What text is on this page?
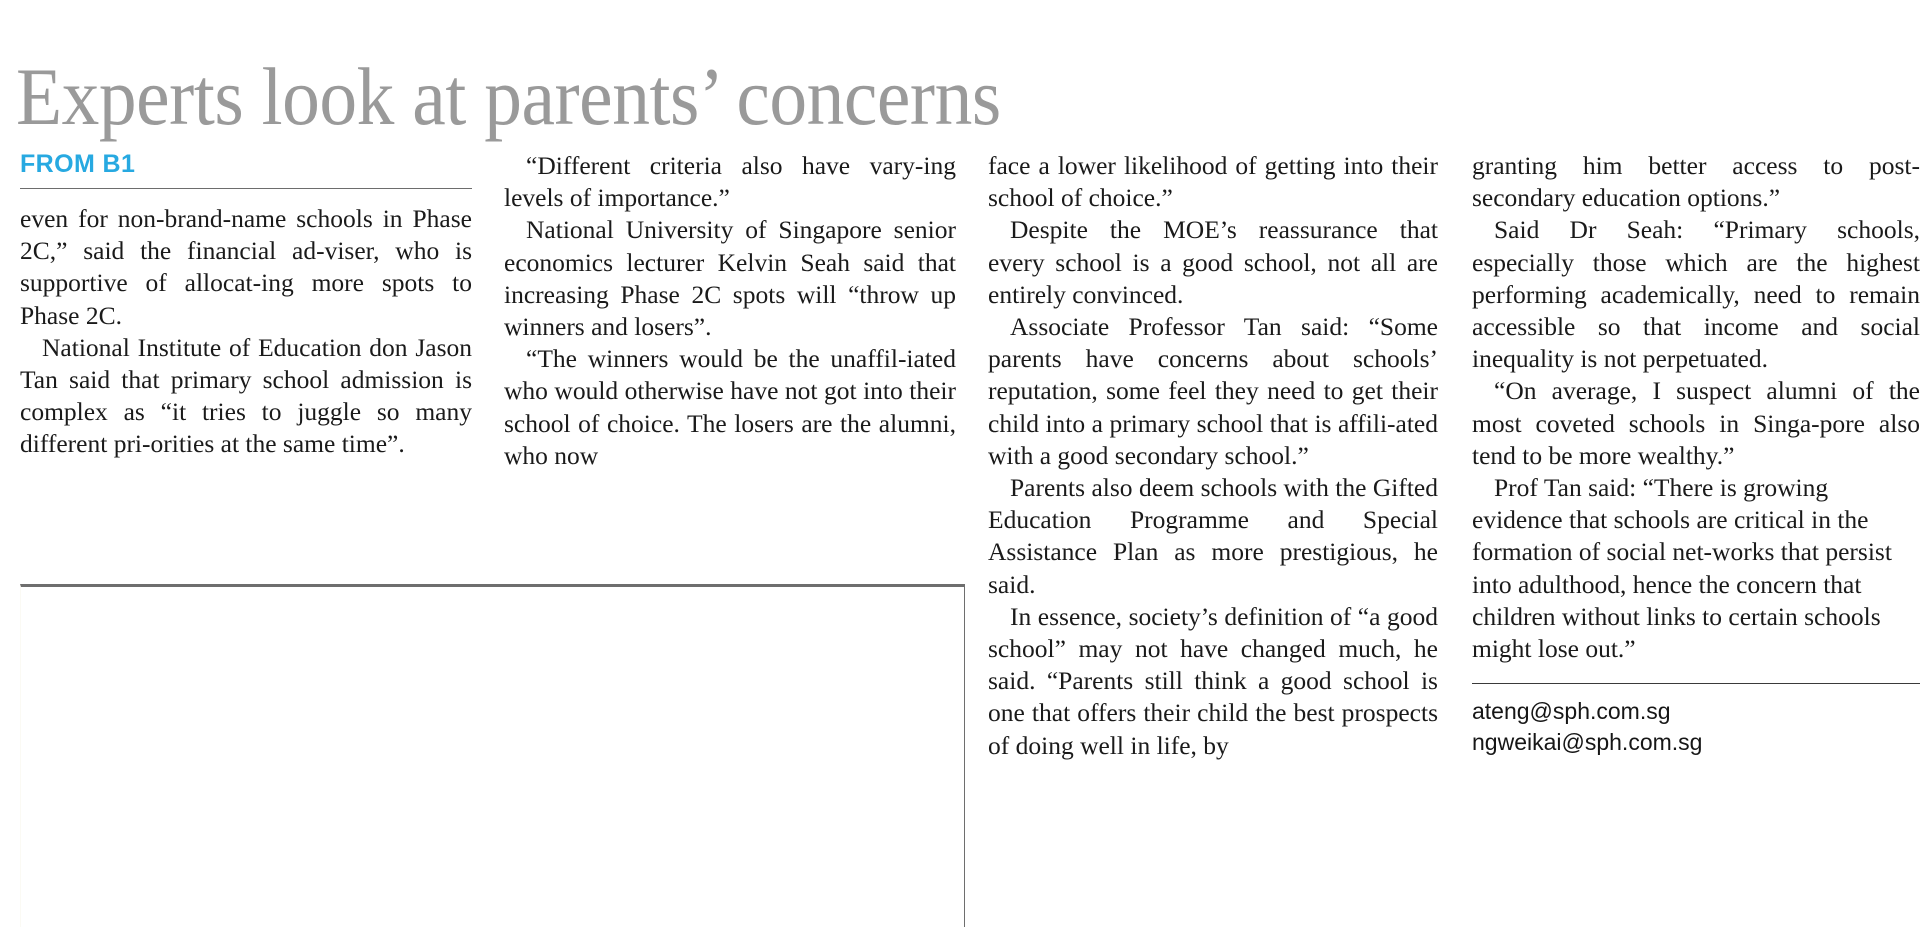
Experts look at parents’ concerns
FROM B1

even for non-brand-name schools in Phase 2C,” said the financial ad-viser, who is supportive of allocat-ing more spots to Phase 2C.

National Institute of Education don Jason Tan said that primary school admission is complex as “it tries to juggle so many different pri-orities at the same time”.

“Different criteria also have vary-ing levels of importance.”

National University of Singapore senior economics lecturer Kelvin Seah said that increasing Phase 2C spots will “throw up winners and losers”.

“The winners would be the unaffil-iated who would otherwise have not got into their school of choice. The losers are the alumni, who now

face a lower likelihood of getting into their school of choice.”

Despite the MOE’s reassurance that every school is a good school, not all are entirely convinced.

Associate Professor Tan said: “Some parents have concerns about schools’ reputation, some feel they need to get their child into a primary school that is affili-ated with a good secondary school.”

Parents also deem schools with the Gifted Education Programme and Special Assistance Plan as more prestigious, he said.

In essence, society’s definition of “a good school” may not have changed much, he said. “Parents still think a good school is one that offers their child the best prospects of doing well in life, by

granting him better access to post-secondary education options.”

Said Dr Seah: “Primary schools, especially those which are the highest performing academically, need to remain accessible so that income and social inequality is not perpetuated.

“On average, I suspect alumni of the most coveted schools in Singa-pore also tend to be more wealthy.”

Prof Tan said: “There is growing evidence that schools are critical in the formation of social net-works that persist into adulthood, hence the concern that children without links to certain schools might lose out.”

ateng@sph.com.sg
ngweikai@sph.com.sg
